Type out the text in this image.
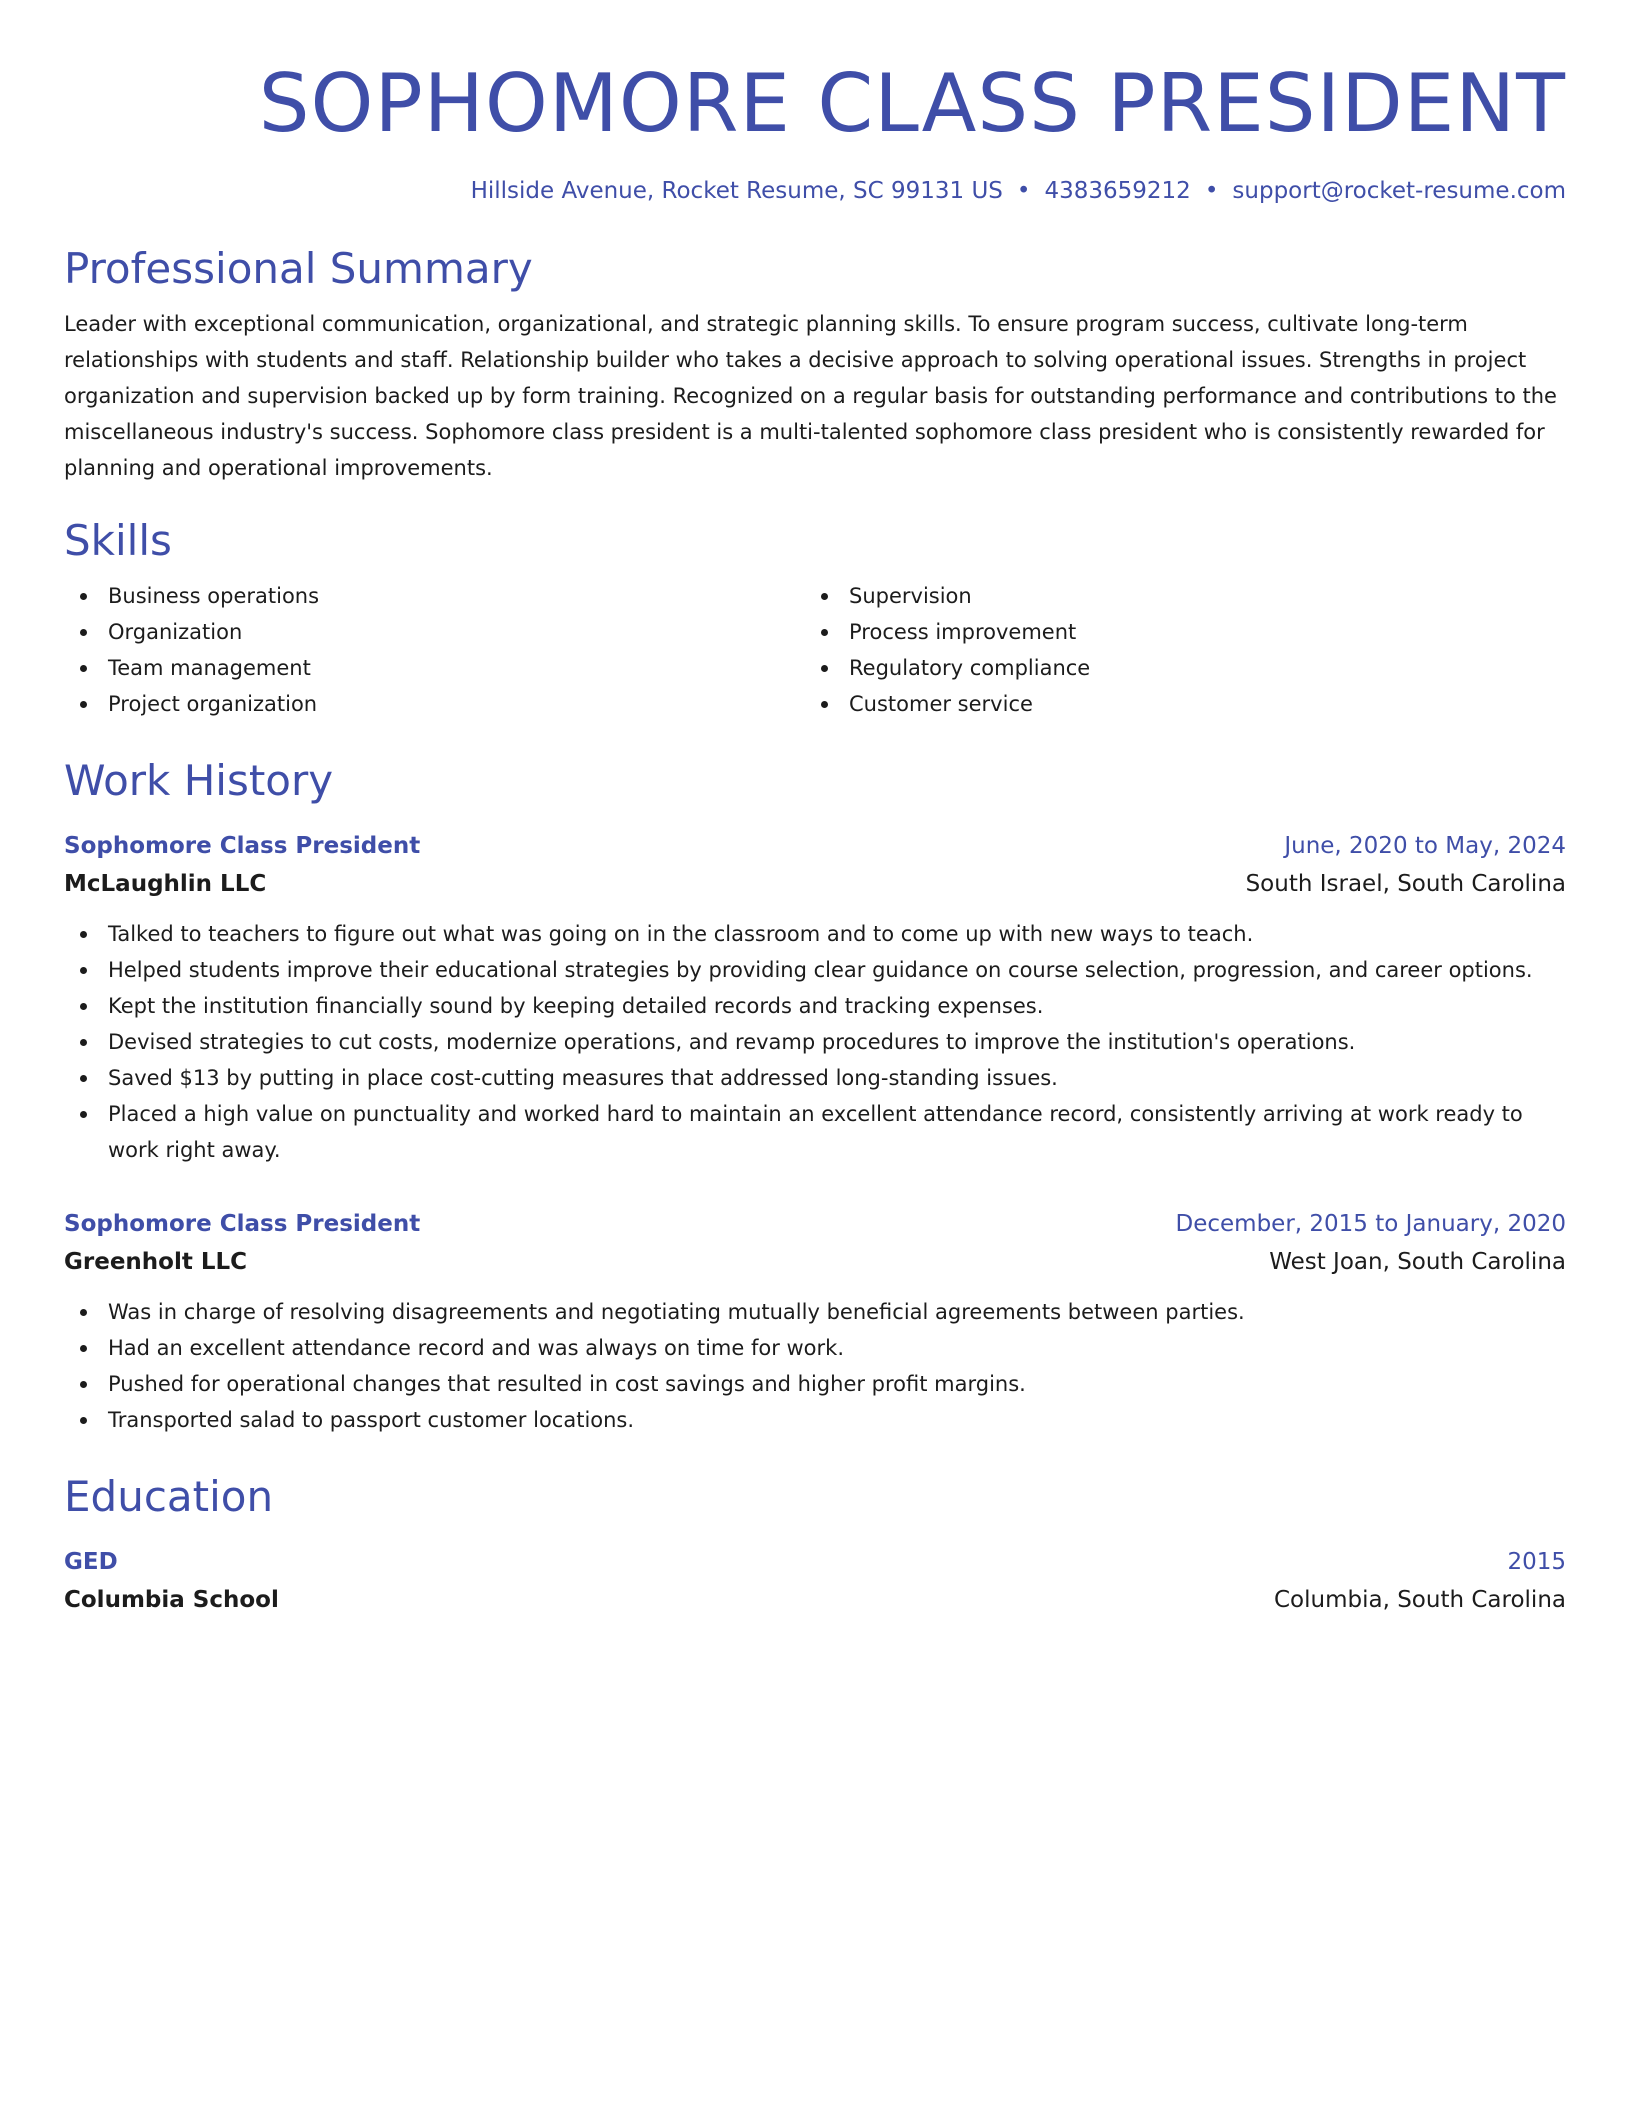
SOPHOMORE CLASS PRESIDENT
Hillside Avenue, Rocket Resume, SC 99131 US • 4383659212 • support@rocket-resume.com
Professional Summary
Leader with exceptional communication, organizational, and strategic planning skills. To ensure program success, cultivate long-term relationships with students and staff. Relationship builder who takes a decisive approach to solving operational issues. Strengths in project organization and supervision backed up by form training. Recognized on a regular basis for outstanding performance and contributions to the miscellaneous industry's success. Sophomore class president is a multi-talented sophomore class president who is consistently rewarded for planning and operational improvements.
Skills
Business operations
Organization
Team management
Project organization
Supervision
Process improvement
Regulatory compliance
Customer service
Work History
Sophomore Class President	June, 2020 to May, 2024
McLaughlin LLC	South Israel, South Carolina
Talked to teachers to figure out what was going on in the classroom and to come up with new ways to teach.
Helped students improve their educational strategies by providing clear guidance on course selection, progression, and career options.
Kept the institution financially sound by keeping detailed records and tracking expenses.
Devised strategies to cut costs, modernize operations, and revamp procedures to improve the institution's operations.
Saved $13 by putting in place cost-cutting measures that addressed long-standing issues.
Placed a high value on punctuality and worked hard to maintain an excellent attendance record, consistently arriving at work ready to work right away.
Sophomore Class President	December, 2015 to January, 2020
Greenholt LLC	West Joan, South Carolina
Was in charge of resolving disagreements and negotiating mutually beneficial agreements between parties.
Had an excellent attendance record and was always on time for work.
Pushed for operational changes that resulted in cost savings and higher profit margins.
Transported salad to passport customer locations.
Education
GED	2015
Columbia School	Columbia, South Carolina
